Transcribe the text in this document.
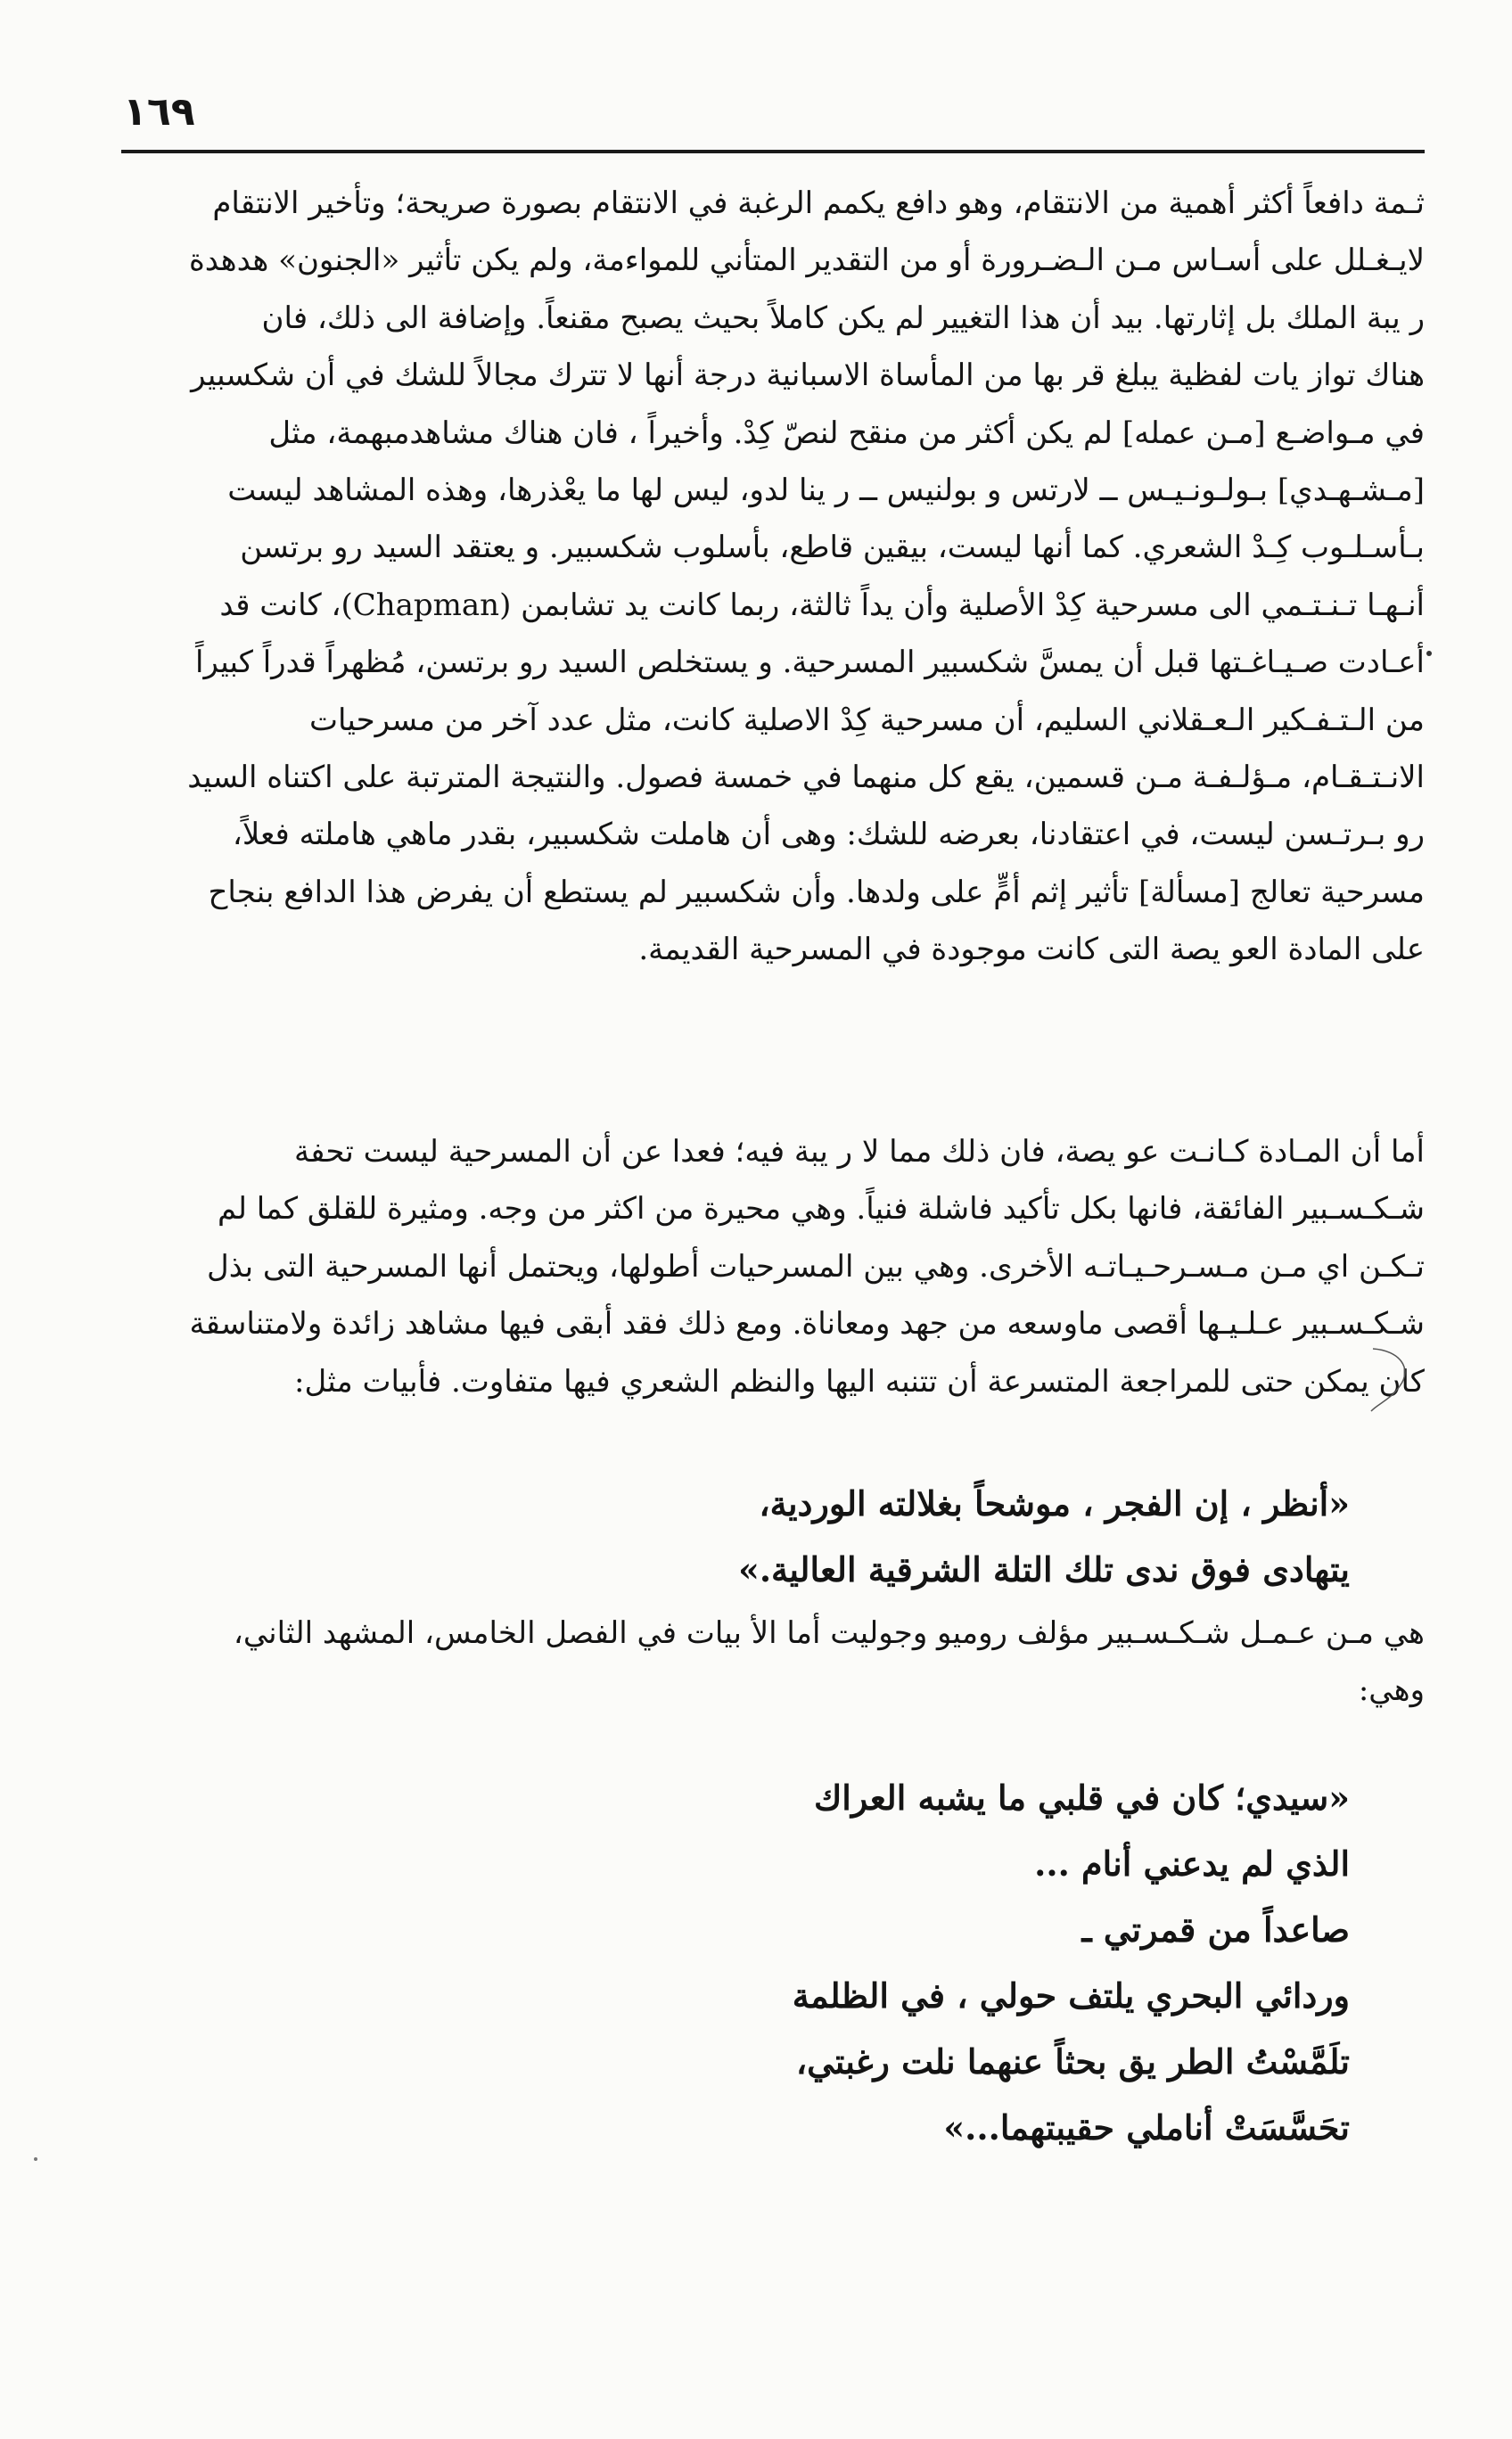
١٦٩
ثـمة دافعاً أكثر أهمية من الانتقام، وهو دافع يكمم الرغبة في الانتقام بصورة صريحة؛ وتأخير الانتقام
لايـغـلل على أسـاس مـن الـضـرورة أو من التقدير المتأني للمواءمة، ولم يكن تأثير «الجنون» هدهدة
ر يبة الملك بل إثارتها. بيد أن هذا التغيير لم يكن كاملاً بحيث يصبح مقنعاً. وإضافة الى ذلك، فان
هناك تواز يات لفظية يبلغ قر بها من المأساة الاسبانية درجة أنها لا تترك مجالاً للشك في أن شكسبير
في مـواضـع [مـن عمله] لم يكن أكثر من منقح لنصّ كِدْ. وأخيراً ، فان هناك مشاهدمبهمة، مثل
[مـشـهـدي] بـولـونـيـس ــ لارتس و بولنيس ــ ر ينا لدو، ليس لها ما يعْذرها، وهذه المشاهد ليست
بـأسـلـوب كِـدْ الشعري. كما أنها ليست، بيقين قاطع، بأسلوب شكسبير. و يعتقد السيد رو برتسن
أنـهـا تـنـتـمي الى مسرحية كِدْ الأصلية وأن يداً ثالثة، ربما كانت يد تشابمن (Chapman)، كانت قد
أعـادت صـيـاغـتها قبل أن يمسَّ شكسبير المسرحية. و يستخلص السيد رو برتسن، مُظهراً قدراً كبيراً
من الـتـفـكير الـعـقلاني السليم، أن مسرحية كِدْ الاصلية كانت، مثل عدد آخر من مسرحيات
الانـتـقـام، مـؤلـفـة مـن قسمين، يقع كل منهما في خمسة فصول. والنتيجة المترتبة على اكتناه السيد
رو بـرتـسن ليست، في اعتقادنا، بعرضه للشك: وهى أن هاملت شكسبير، بقدر ماهي هاملته فعلاً،
مسرحية تعالج [مسألة] تأثير إثم أمٍّ على ولدها. وأن شكسبير لم يستطع أن يفرض هذا الدافع بنجاح
على المادة العو يصة التى كانت موجودة في المسرحية القديمة.
أما أن المـادة كـانـت عو يصة، فان ذلك مما لا ر يبة فيه؛ فعدا عن أن المسرحية ليست تحفة
شـكـسـبير الفائقة، فانها بكل تأكيد فاشلة فنياً. وهي محيرة من اكثر من وجه. ومثيرة للقلق كما لم
تـكـن اي مـن مـسـرحـيـاتـه الأخرى. وهي بين المسرحيات أطولها، ويحتمل أنها المسرحية التى بذل
شـكـسـبير عـلـيـها أقصى ماوسعه من جهد ومعاناة. ومع ذلك فقد أبقى فيها مشاهد زائدة ولامتناسقة
كان يمكن حتى للمراجعة المتسرعة أن تتنبه اليها والنظم الشعري فيها متفاوت. فأبيات مثل:
«أنظر ، إن الفجر ، موشحاً بغلالته الوردية،
يتهادى فوق ندى تلك التلة الشرقية العالية.»
هي مـن عـمـل شـكـسـبير مؤلف روميو وجوليت أما الأ بيات في الفصل الخامس، المشهد الثاني،
وهي:
«سيدي؛ كان في قلبي ما يشبه العراك
الذي لم يدعني أنام ...
صاعداً من قمرتي ـ
وردائي البحري يلتف حولي ، في الظلمة
تلَمَّسْتُ الطر يق بحثاً عنهما نلت رغبتي،
تحَسَّسَتْ أناملي حقيبتهما...»
